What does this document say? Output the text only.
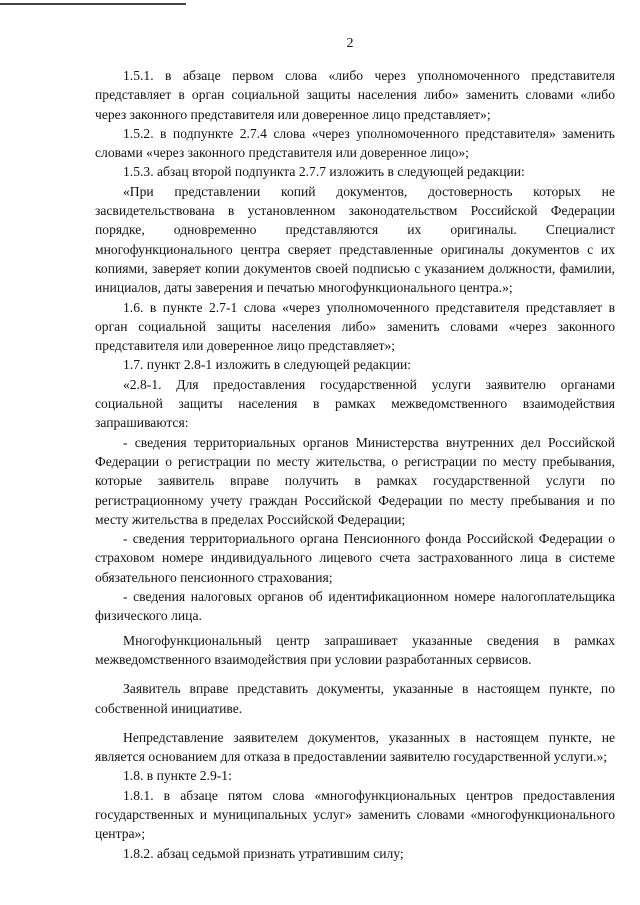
2

1.5.1. в абзаце первом слова «либо через уполномоченного представителя представляет в орган социальной защиты населения либо» заменить словами «либо через законного представителя или доверенное лицо представляет»;

1.5.2. в подпункте 2.7.4 слова «через уполномоченного представителя» заменить словами «через законного представителя или доверенное лицо»;

1.5.3. абзац второй подпункта 2.7.7 изложить в следующей редакции:

«При представлении копий документов, достоверность которых не засвидетельствована в установленном законодательством Российской Федерации порядке, одновременно представляются их оригиналы. Специалист многофункционального центра сверяет представленные оригиналы документов с их копиями, заверяет копии документов своей подписью с указанием должности, фамилии, инициалов, даты заверения и печатью многофункционального центра.»;

1.6. в пункте 2.7-1 слова «через уполномоченного представителя представляет в орган социальной защиты населения либо» заменить словами «через законного представителя или доверенное лицо представляет»;

1.7. пункт 2.8-1 изложить в следующей редакции:

«2.8-1. Для предоставления государственной услуги заявителю органами социальной защиты населения в рамках межведомственного взаимодействия запрашиваются:

- сведения территориальных органов Министерства внутренних дел Российской Федерации о регистрации по месту жительства, о регистрации по месту пребывания, которые заявитель вправе получить в рамках государственной услуги по регистрационному учету граждан Российской Федерации по месту пребывания и по месту жительства в пределах Российской Федерации;

- сведения территориального органа Пенсионного фонда Российской Федерации о страховом номере индивидуального лицевого счета застрахованного лица в системе обязательного пенсионного страхования;

- сведения налоговых органов об идентификационном номере налогоплательщика физического лица.

Многофункциональный центр запрашивает указанные сведения в рамках межведомственного взаимодействия при условии разработанных сервисов.

Заявитель вправе представить документы, указанные в настоящем пункте, по собственной инициативе.

Непредставление заявителем документов, указанных в настоящем пункте, не является основанием для отказа в предоставлении заявителю государственной услуги.»;

1.8. в пункте 2.9-1:

1.8.1. в абзаце пятом слова «многофункциональных центров предоставления государственных и муниципальных услуг» заменить словами «многофункционального центра»;

1.8.2. абзац седьмой признать утратившим силу;
